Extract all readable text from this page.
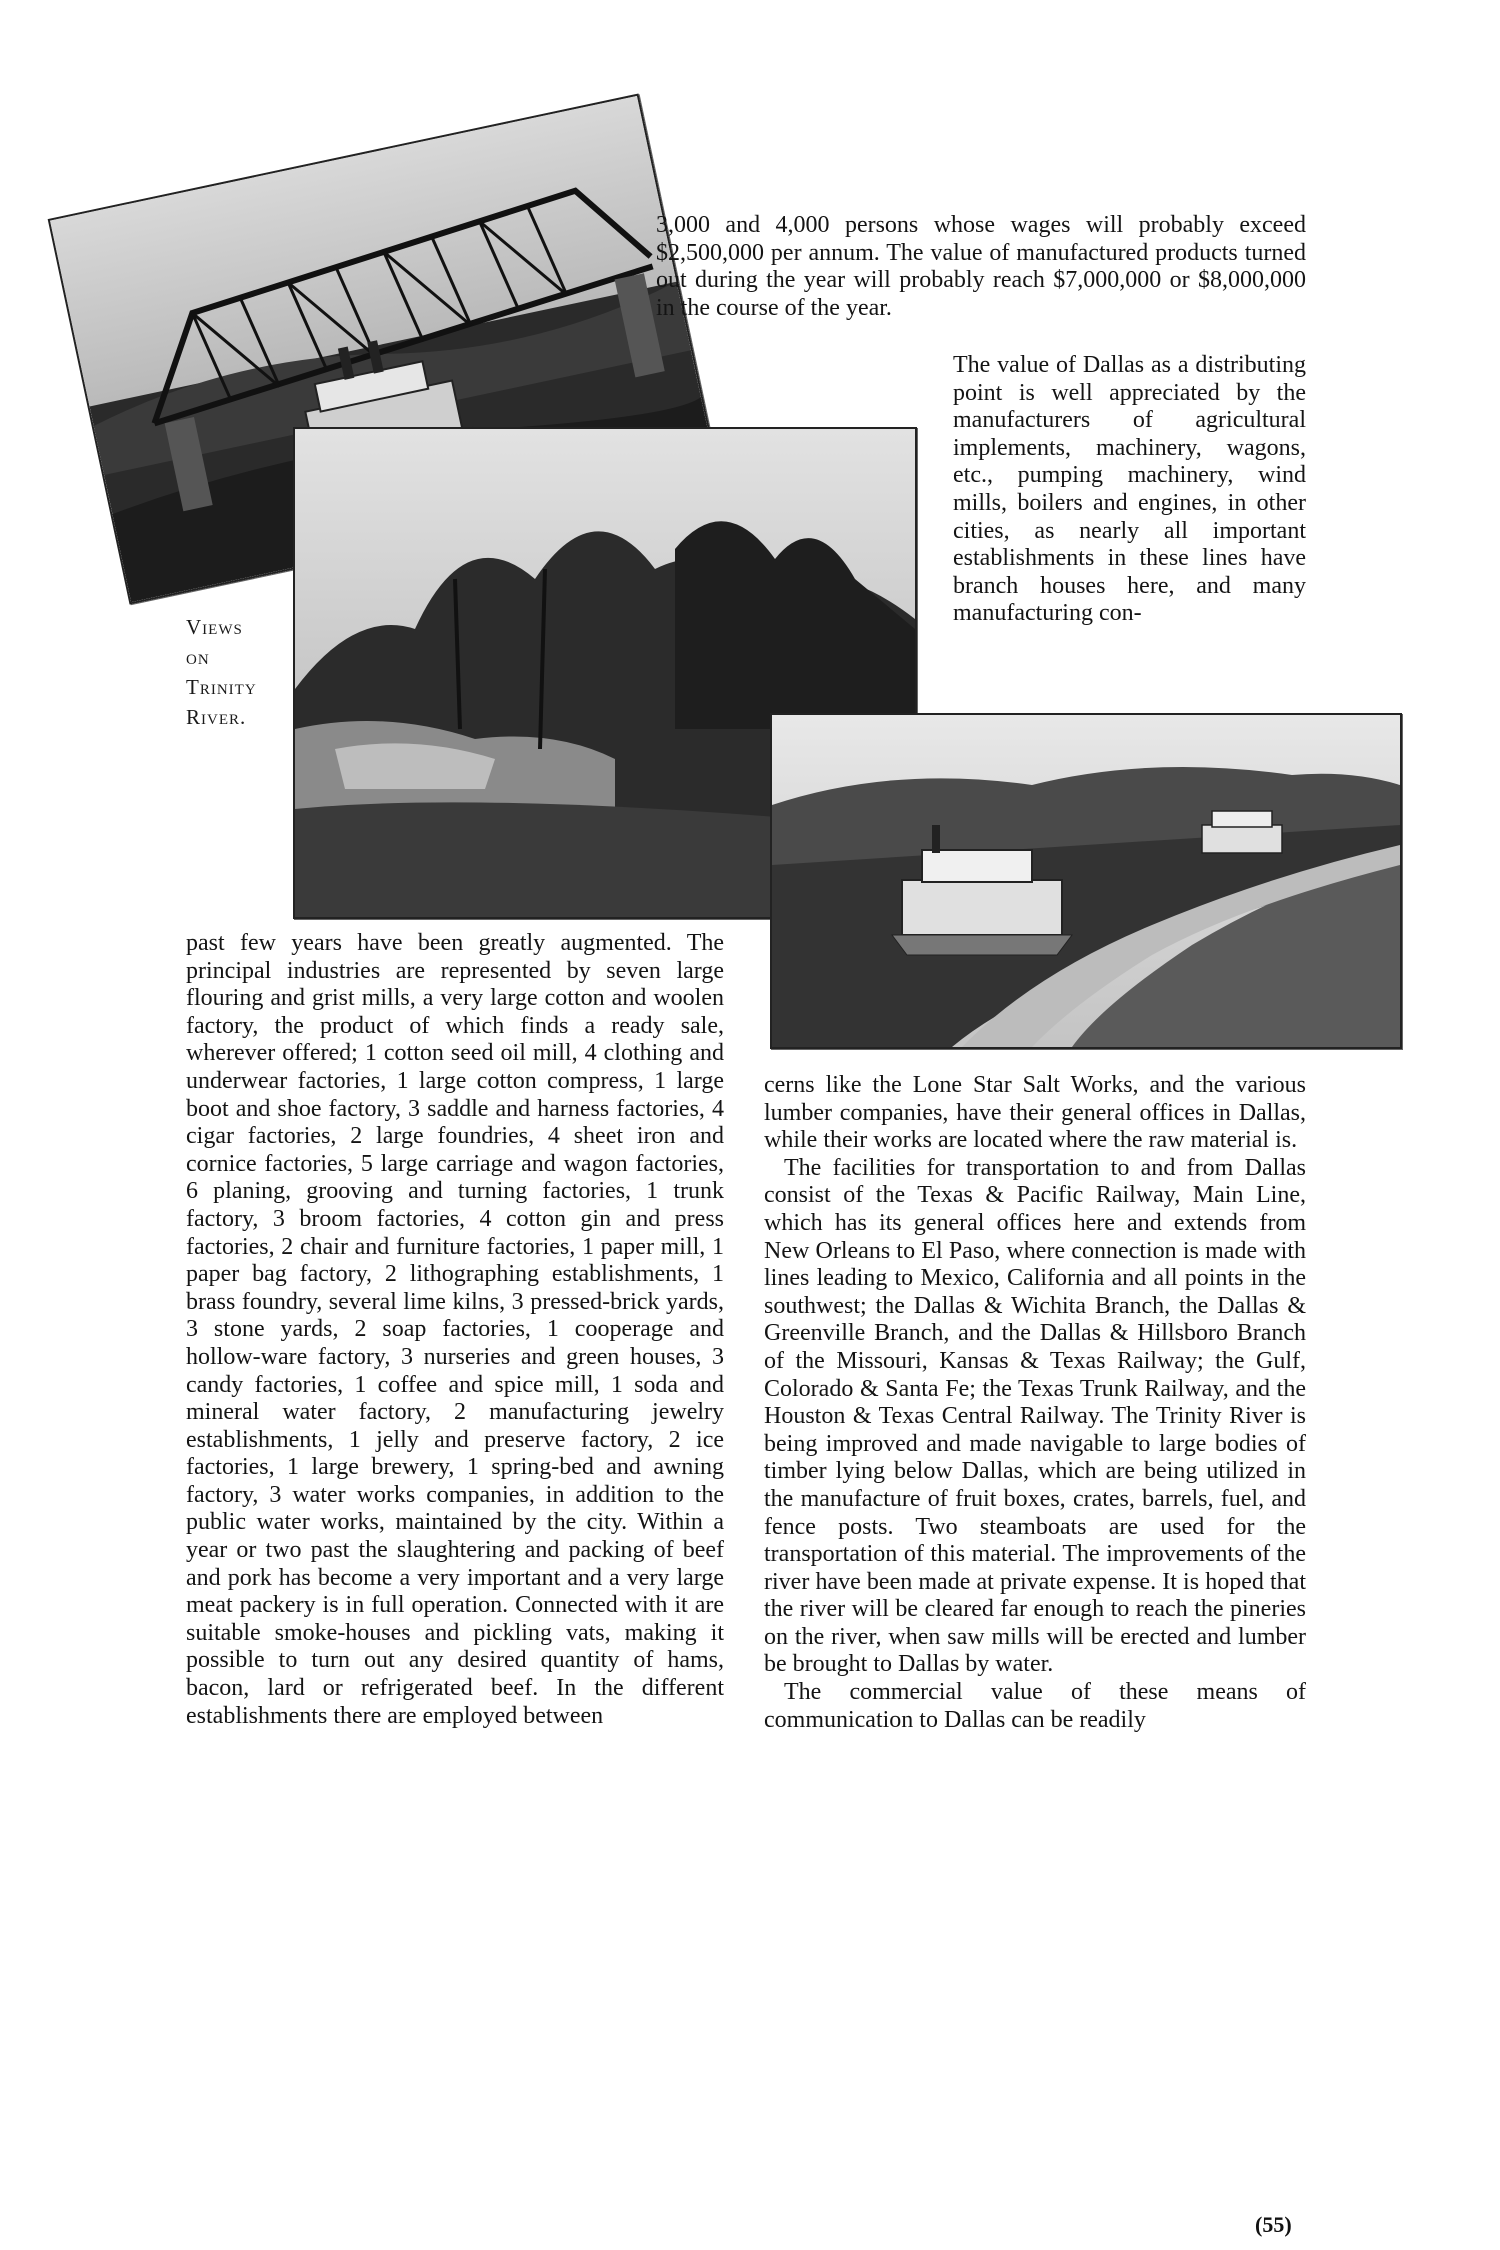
Views
on
Trinity
River.

3,000 and 4,000 persons whose wages will probably exceed $2,500,000 per annum. The value of manufactured products turned out during the year will probably reach $7,000,000 or $8,000,000 in the course of the year.

The value of Dallas as a distributing point is well appreciated by the manufacturers of agricultural implements, machinery, wagons, etc., pumping machinery, wind mills, boilers and engines, in other cities, as nearly all important establishments in these lines have branch houses here, and many manufacturing con-

past few years have been greatly augmented. The principal industries are represented by seven large flouring and grist mills, a very large cotton and woolen factory, the product of which finds a ready sale, wherever offered; 1 cotton seed oil mill, 4 clothing and underwear factories, 1 large cotton compress, 1 large boot and shoe factory, 3 saddle and harness factories, 4 cigar factories, 2 large foundries, 4 sheet iron and cornice factories, 5 large carriage and wagon factories, 6 planing, grooving and turning factories, 1 trunk factory, 3 broom factories, 4 cotton gin and press factories, 2 chair and furniture factories, 1 paper mill, 1 paper bag factory, 2 lithographing establishments, 1 brass foundry, several lime kilns, 3 pressed-brick yards, 3 stone yards, 2 soap factories, 1 cooperage and hollow-ware factory, 3 nurseries and green houses, 3 candy factories, 1 coffee and spice mill, 1 soda and mineral water factory, 2 manufacturing jewelry establishments, 1 jelly and preserve factory, 2 ice factories, 1 large brewery, 1 spring-bed and awning factory, 3 water works companies, in addition to the public water works, maintained by the city. Within a year or two past the slaughtering and packing of beef and pork has become a very important and a very large meat packery is in full operation. Connected with it are suitable smoke-houses and pickling vats, making it possible to turn out any desired quantity of hams, bacon, lard or refrigerated beef. In the different establishments there are employed between

cerns like the Lone Star Salt Works, and the various lumber companies, have their general offices in Dallas, while their works are located where the raw material is.

The facilities for transportation to and from Dallas consist of the Texas & Pacific Railway, Main Line, which has its general offices here and extends from New Orleans to El Paso, where connection is made with lines leading to Mexico, California and all points in the southwest; the Dallas & Wichita Branch, the Dallas & Greenville Branch, and the Dallas & Hillsboro Branch of the Missouri, Kansas & Texas Railway; the Gulf, Colorado & Santa Fe; the Texas Trunk Railway, and the Houston & Texas Central Railway. The Trinity River is being improved and made navigable to large bodies of timber lying below Dallas, which are being utilized in the manufacture of fruit boxes, crates, barrels, fuel, and fence posts. Two steamboats are used for the transportation of this material. The improvements of the river have been made at private expense. It is hoped that the river will be cleared far enough to reach the pineries on the river, when saw mills will be erected and lumber be brought to Dallas by water.

The commercial value of these means of communication to Dallas can be readily

(55)
